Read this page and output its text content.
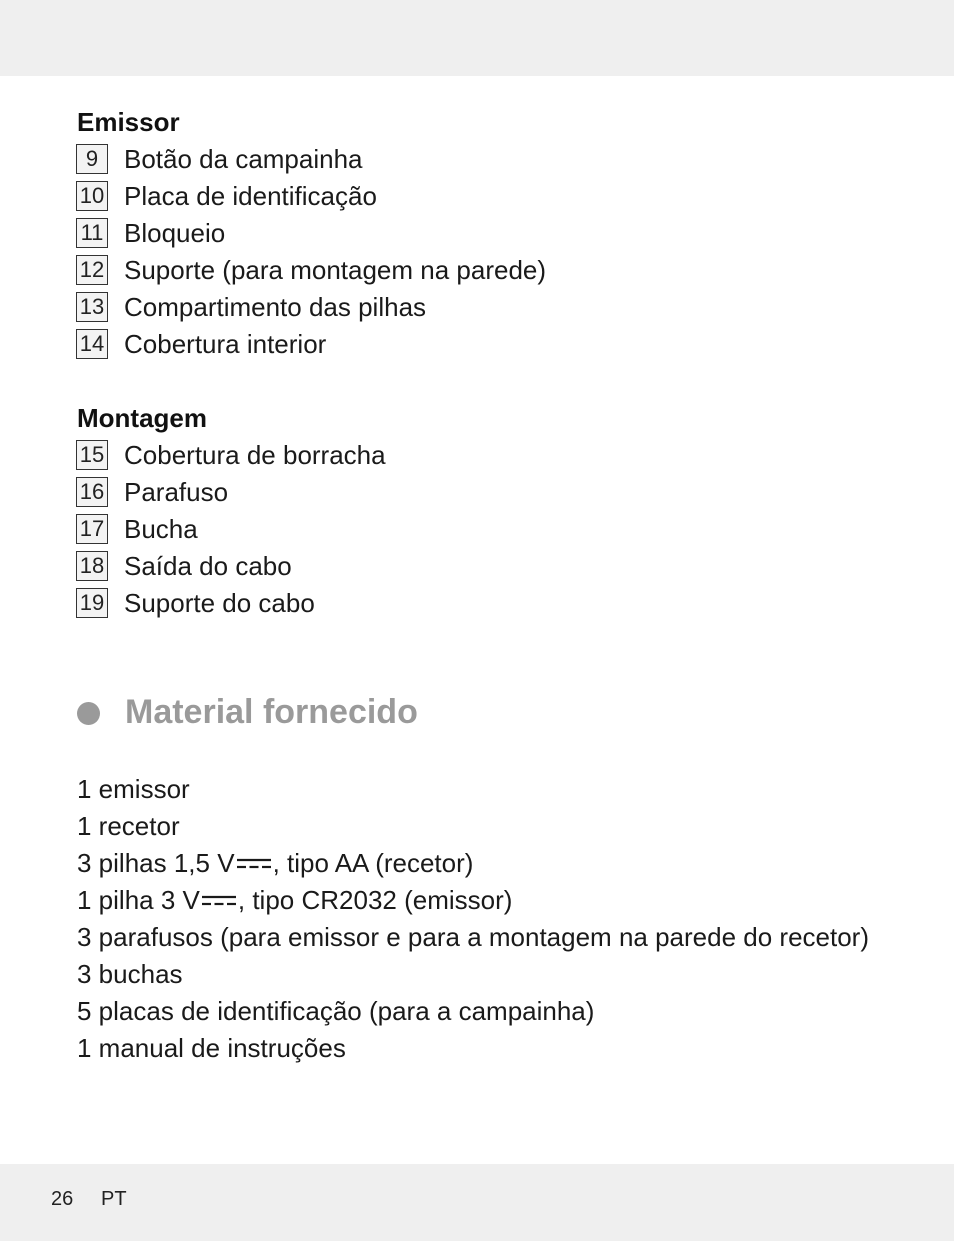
Emissor
9 Botão da campainha
10 Placa de identificação
11 Bloqueio
12 Suporte (para montagem na parede)
13 Compartimento das pilhas
14 Cobertura interior
Montagem
15 Cobertura de borracha
16 Parafuso
17 Bucha
18 Saída do cabo
19 Suporte do cabo
Material fornecido
1 emissor
1 recetor
3 pilhas 1,5 V , tipo AA (recetor)
1 pilha 3 V , tipo CR2032 (emissor)
3 parafusos (para emissor e para a montagem na parede do recetor)
3 buchas
5 placas de identificação (para a campainha)
1 manual de instruções
26 PT
